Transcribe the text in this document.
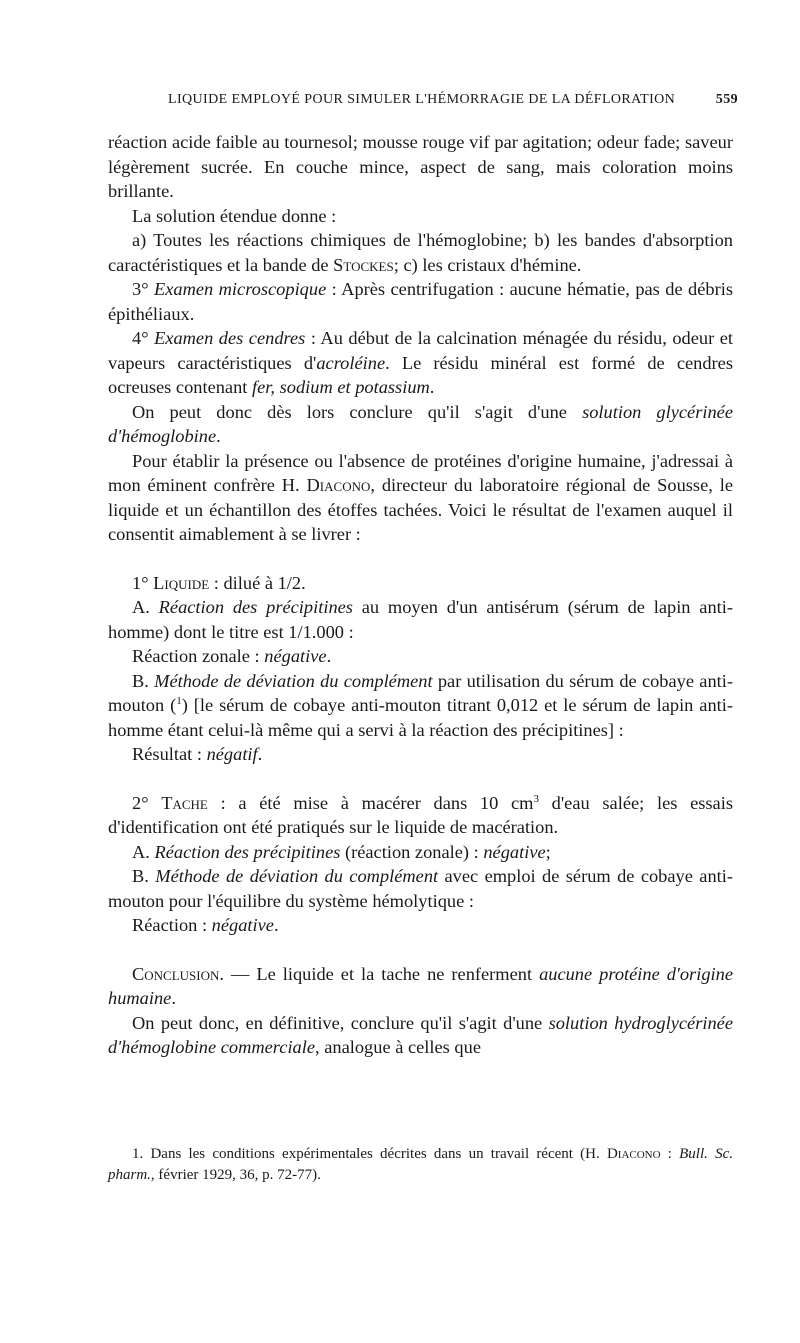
LIQUIDE EMPLOYÉ POUR SIMULER L'HÉMORRAGIE DE LA DÉFLORATION	559

réaction acide faible au tournesol; mousse rouge vif par agitation; odeur fade; saveur légèrement sucrée. En couche mince, aspect de sang, mais coloration moins brillante.

La solution étendue donne :

a) Toutes les réactions chimiques de l'hémoglobine; b) les bandes d'absorption caractéristiques et la bande de Stockes; c) les cristaux d'hémine.

3° Examen microscopique : Après centrifugation : aucune hématie, pas de débris épithéliaux.

4° Examen des cendres : Au début de la calcination ménagée du résidu, odeur et vapeurs caractéristiques d'acroléine. Le résidu minéral est formé de cendres ocreuses contenant fer, sodium et potassium.

On peut donc dès lors conclure qu'il s'agit d'une solution glycérinée d'hémoglobine.

Pour établir la présence ou l'absence de protéines d'origine humaine, j'adressai à mon éminent confrère H. Diacono, directeur du laboratoire régional de Sousse, le liquide et un échantillon des étoffes tachées. Voici le résultat de l'examen auquel il consentit aimablement à se livrer :

1° Liquide : dilué à 1/2.

A. Réaction des précipitines au moyen d'un antisérum (sérum de lapin anti-homme) dont le titre est 1/1.000 :

Réaction zonale : négative.

B. Méthode de déviation du complément par utilisation du sérum de cobaye anti-mouton ($^1$) [le sérum de cobaye anti-mouton titrant 0,012 et le sérum de lapin anti-homme étant celui-là même qui a servi à la réaction des précipitines] :

Résultat : négatif.

2° Tache : a été mise à macérer dans 10 $cm^3$ d'eau salée; les essais d'identification ont été pratiqués sur le liquide de macération.

A. Réaction des précipitines (réaction zonale) : négative;

B. Méthode de déviation du complément avec emploi de sérum de cobaye anti-mouton pour l'équilibre du système hémolytique :

Réaction : négative.

Conclusion. — Le liquide et la tache ne renferment aucune protéine d'origine humaine.

On peut donc, en définitive, conclure qu'il s'agit d'une solution hydroglycérinée d'hémoglobine commerciale, analogue à celles que

1. Dans les conditions expérimentales décrites dans un travail récent (H. Diacono : Bull. Sc. pharm., février 1929, 36, p. 72-77).
